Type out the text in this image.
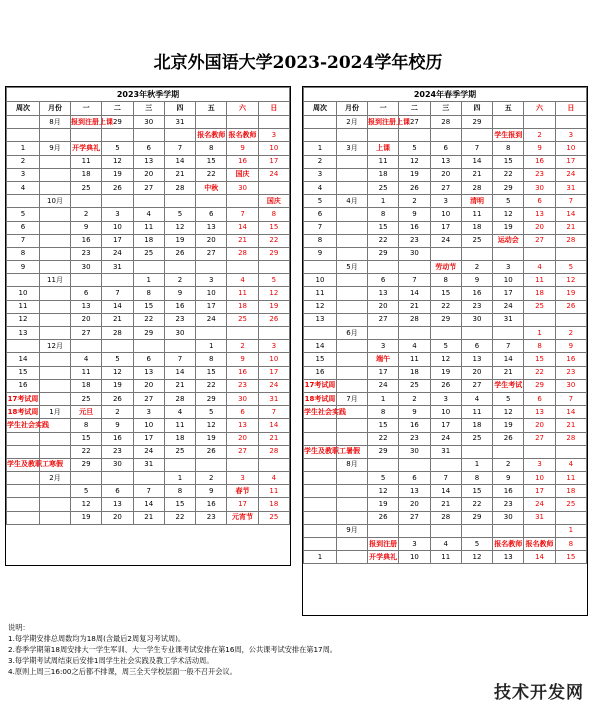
北京外国语大学2023-2024学年校历
2023年秋季学期								
周次	月份	一	二	三	四	五	六	日
	8月	报到注册上课	29	30	31			
						报名教师	报名教师	3
1	9月	开学典礼	5	6	7	8	9	10
2		11	12	13	14	15	16	17
3		18	19	20	21	22	国庆	24
4		25	26	27	28	中秋	30	
	10月							国庆
5		2	3	4	5	6	7	8
6		9	10	11	12	13	14	15
7		16	17	18	19	20	21	22
8		23	24	25	26	27	28	29
9		30	31					
	11月			1	2	3	4	5
10		6	7	8	9	10	11	12
11		13	14	15	16	17	18	19
12		20	21	22	23	24	25	26
13		27	28	29	30			
	12月					1	2	3
14		4	5	6	7	8	9	10
15		11	12	13	14	15	16	17
16		18	19	20	21	22	23	24
17考试周		25	26	27	28	29	30	31
18考试周	1月	元旦	2	3	4	5	6	7
学生社会实践		8	9	10	11	12	13	14
		15	16	17	18	19	20	21
		22	23	24	25	26	27	28
学生及教职工寒假		29	30	31				
	2月				1	2	3	4
		5	6	7	8	9	春节	11
		12	13	14	15	16	17	18
		19	20	21	22	23	元宵节	25
2024年春季学期								
周次	月份	一	二	三	四	五	六	日
	2月	报到注册上课	27	28	29			
						学生报到	2	3
1	3月	上课	5	6	7	8	9	10
2		11	12	13	14	15	16	17
3		18	19	20	21	22	23	24
4		25	26	27	28	29	30	31
5	4月	1	2	3	清明	5	6	7
6		8	9	10	11	12	13	14
7		15	16	17	18	19	20	21
8		22	23	24	25	运动会	27	28
9		29	30					
	5月			劳动节	2	3	4	5
10		6	7	8	9	10	11	12
11		13	14	15	16	17	18	19
12		20	21	22	23	24	25	26
13		27	28	29	30	31		
	6月						1	2
14		3	4	5	6	7	8	9
15		端午	11	12	13	14	15	16
16		17	18	19	20	21	22	23
17考试周		24	25	26	27	学生考试	29	30
18考试周	7月	1	2	3	4	5	6	7
学生社会实践		8	9	10	11	12	13	14
		15	16	17	18	19	20	21
		22	23	24	25	26	27	28
学生及教职工暑假		29	30	31				
	8月				1	2	3	4
		5	6	7	8	9	10	11
		12	13	14	15	16	17	18
		19	20	21	22	23	24	25
		26	27	28	29	30	31	
	9月							1
		报到注册	3	4	5	报名教师	报名教师	8
1		开学典礼	10	11	12	13	14	15
说明：
1.每学期安排总周数均为18周(含最后2周复习考试周)。
2.春季学期第18周安排大一学生军训、大一学生专业课考试安排在第16周，公共课考试安排在第17周。
3.每学期考试周结束后安排1周学生社会实践及教工学术活动周。
4.原则上周三16:00之后都不排课，周三全天学校层面一般不召开会议。
技术开发网
